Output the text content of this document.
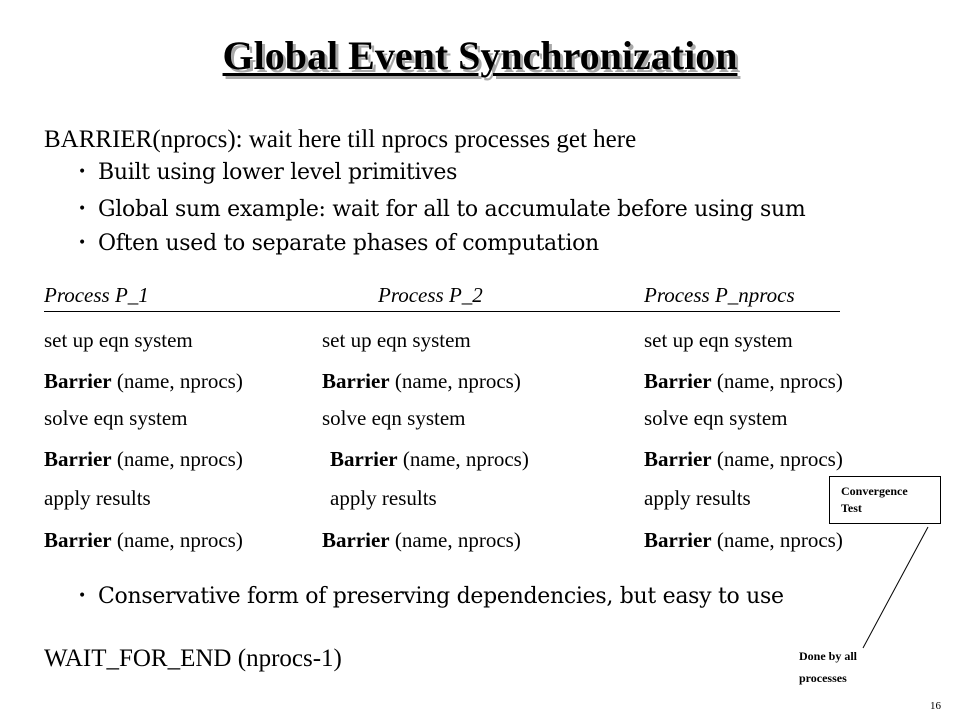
Global Event Synchronization
BARRIER(nprocs): wait here till nprocs processes get here
• Built using lower level primitives
• Global sum example: wait for all to accumulate before using sum
• Often used to separate phases of computation
Process P_1	Process P_2	Process P_nprocs
set up eqn system	set up eqn system	set up eqn system
Barrier (name, nprocs)	Barrier (name, nprocs)	Barrier (name, nprocs)
solve eqn system	solve eqn system	solve eqn system
Barrier (name, nprocs)	Barrier (name, nprocs)	Barrier (name, nprocs)
apply results	apply results	apply results
Barrier (name, nprocs)	Barrier (name, nprocs)	Barrier (name, nprocs)
• Conservative form of preserving dependencies, but easy to use
WAIT_FOR_END (nprocs-1)
Convergence
Test
Done by all
processes
16
